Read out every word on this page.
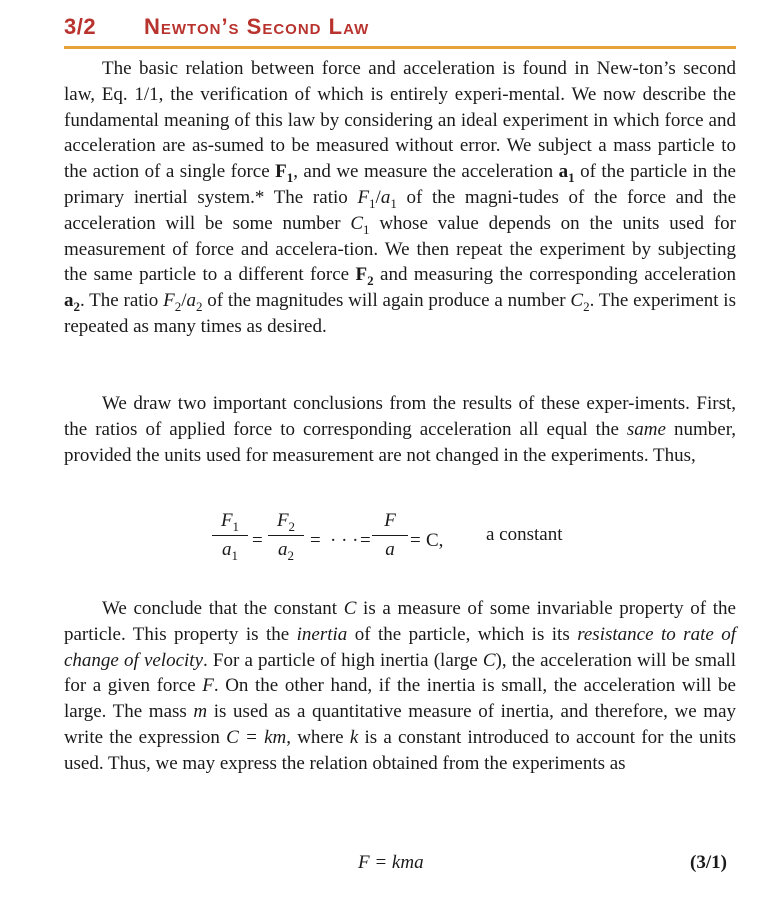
3/2 Newton’s Second Law

The basic relation between force and acceleration is found in New-ton’s second law, Eq. 1/1, the verification of which is entirely experi-mental. We now describe the fundamental meaning of this law by considering an ideal experiment in which force and acceleration are as-sumed to be measured without error. We subject a mass particle to the action of a single force $F_1$, and we measure the acceleration $a_1$ of the particle in the primary inertial system.* The ratio $F_1/a_1$ of the magni-tudes of the force and the acceleration will be some number $C_1$ whose value depends on the units used for measurement of force and accelera-tion. We then repeat the experiment by subjecting the same particle to a different force $F_2$ and measuring the corresponding acceleration $a_2$. The ratio $F_2/a_2$ of the magnitudes will again produce a number $C_2$. The experiment is repeated as many times as desired.

We draw two important conclusions from the results of these exper-iments. First, the ratios of applied force to corresponding acceleration all equal the same number, provided the units used for measurement are not changed in the experiments. Thus,

$\frac{F_1}{a_1} = \frac{F_2}{a_2}$ = · · · = $\frac{F}{a} = C$, a constant

We conclude that the constant C is a measure of some invariable property of the particle. This property is the inertia of the particle, which is its resistance to rate of change of velocity. For a particle of high inertia (large C), the acceleration will be small for a given force F. On the other hand, if the inertia is small, the acceleration will be large. The mass m is used as a quantitative measure of inertia, and therefore, we may write the expression C = km, where k is a constant introduced to account for the units used. Thus, we may express the relation obtained from the experiments as

F = kma	(3/1)
